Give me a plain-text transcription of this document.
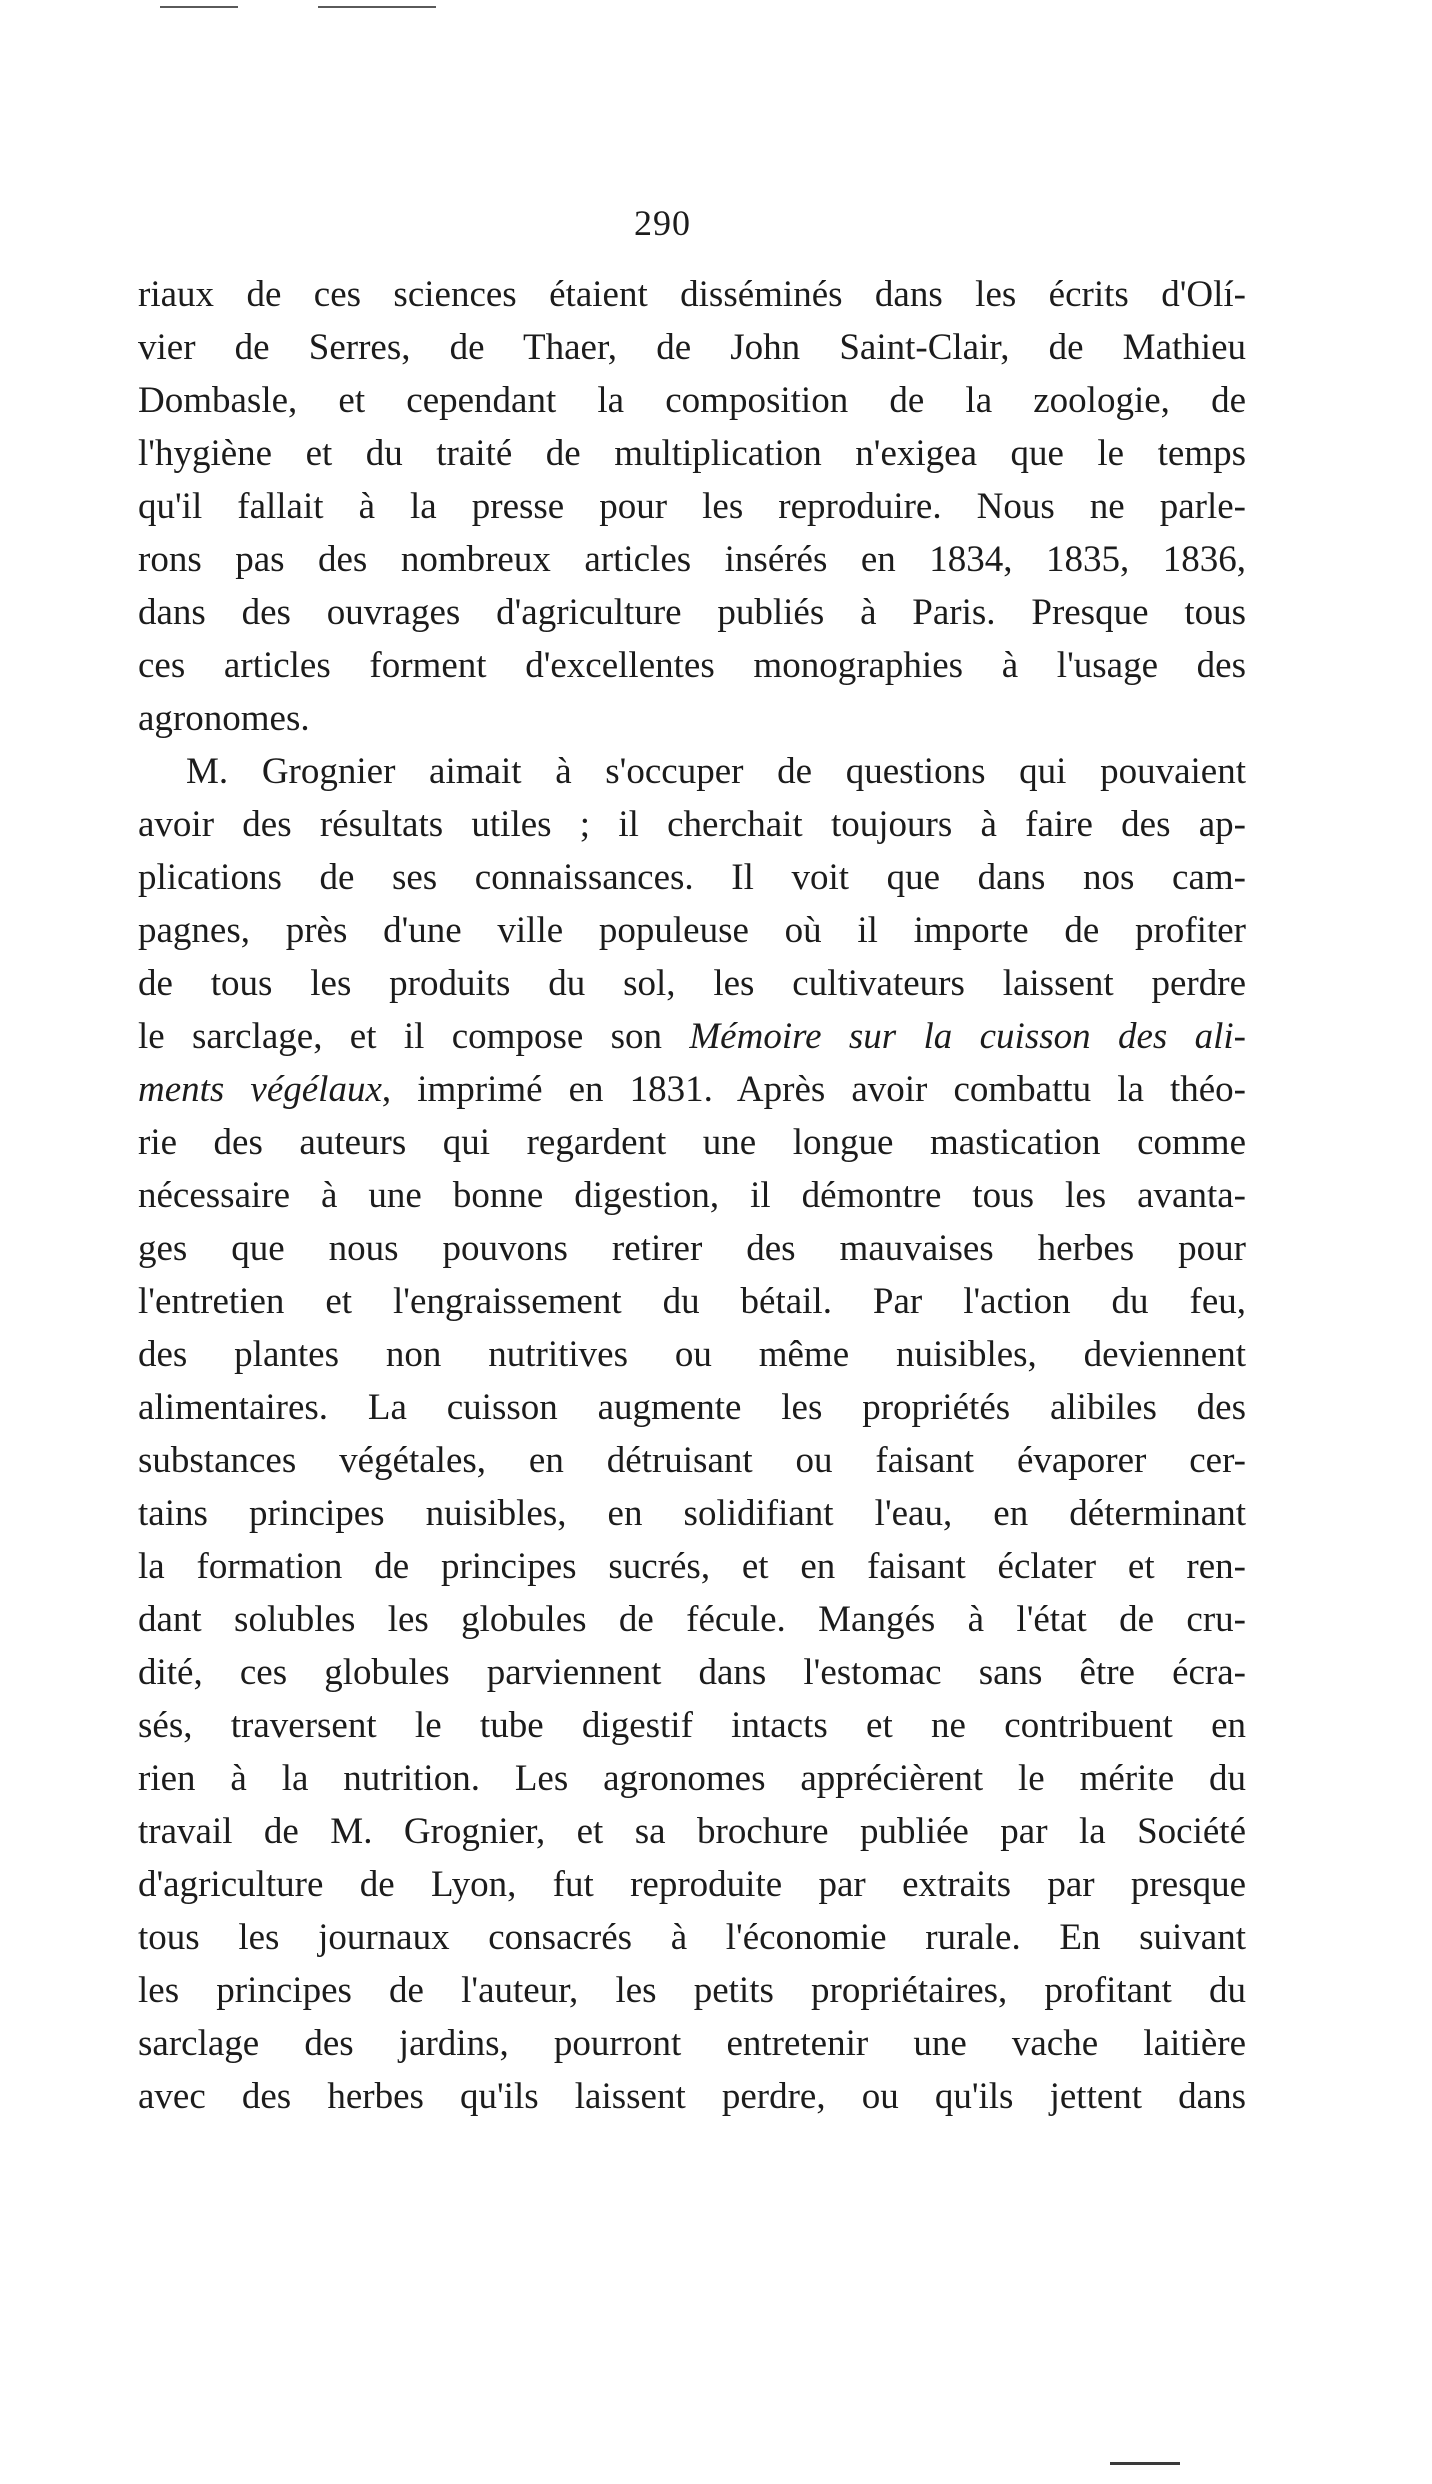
290
riaux de ces sciences étaient disséminés dans les écrits d'Olí-
vier de Serres, de Thaer, de John Saint-Clair, de Mathieu
Dombasle, et cependant la composition de la zoologie, de
l'hygiène et du traité de multiplication n'exigea que le temps
qu'il fallait à la presse pour les reproduire. Nous ne parle-
rons pas des nombreux articles insérés en 1834, 1835, 1836,
dans des ouvrages d'agriculture publiés à Paris. Presque tous
ces articles forment d'excellentes monographies à l'usage des
agronomes.
M. Grognier aimait à s'occuper de questions qui pouvaient
avoir des résultats utiles ; il cherchait toujours à faire des ap-
plications de ses connaissances. Il voit que dans nos cam-
pagnes, près d'une ville populeuse où il importe de profiter
de tous les produits du sol, les cultivateurs laissent perdre
le sarclage, et il compose son Mémoire sur la cuisson des ali-
ments végélaux, imprimé en 1831. Après avoir combattu la théo-
rie des auteurs qui regardent une longue mastication comme
nécessaire à une bonne digestion, il démontre tous les avanta-
ges que nous pouvons retirer des mauvaises herbes pour
l'entretien et l'engraissement du bétail. Par l'action du feu,
des plantes non nutritives ou même nuisibles, deviennent
alimentaires. La cuisson augmente les propriétés alibiles des
substances végétales, en détruisant ou faisant évaporer cer-
tains principes nuisibles, en solidifiant l'eau, en déterminant
la formation de principes sucrés, et en faisant éclater et ren-
dant solubles les globules de fécule. Mangés à l'état de cru-
dité, ces globules parviennent dans l'estomac sans être écra-
sés, traversent le tube digestif intacts et ne contribuent en
rien à la nutrition. Les agronomes apprécièrent le mérite du
travail de M. Grognier, et sa brochure publiée par la Société
d'agriculture de Lyon, fut reproduite par extraits par presque
tous les journaux consacrés à l'économie rurale. En suivant
les principes de l'auteur, les petits propriétaires, profitant du
sarclage des jardins, pourront entretenir une vache laitière
avec des herbes qu'ils laissent perdre, ou qu'ils jettent dans
